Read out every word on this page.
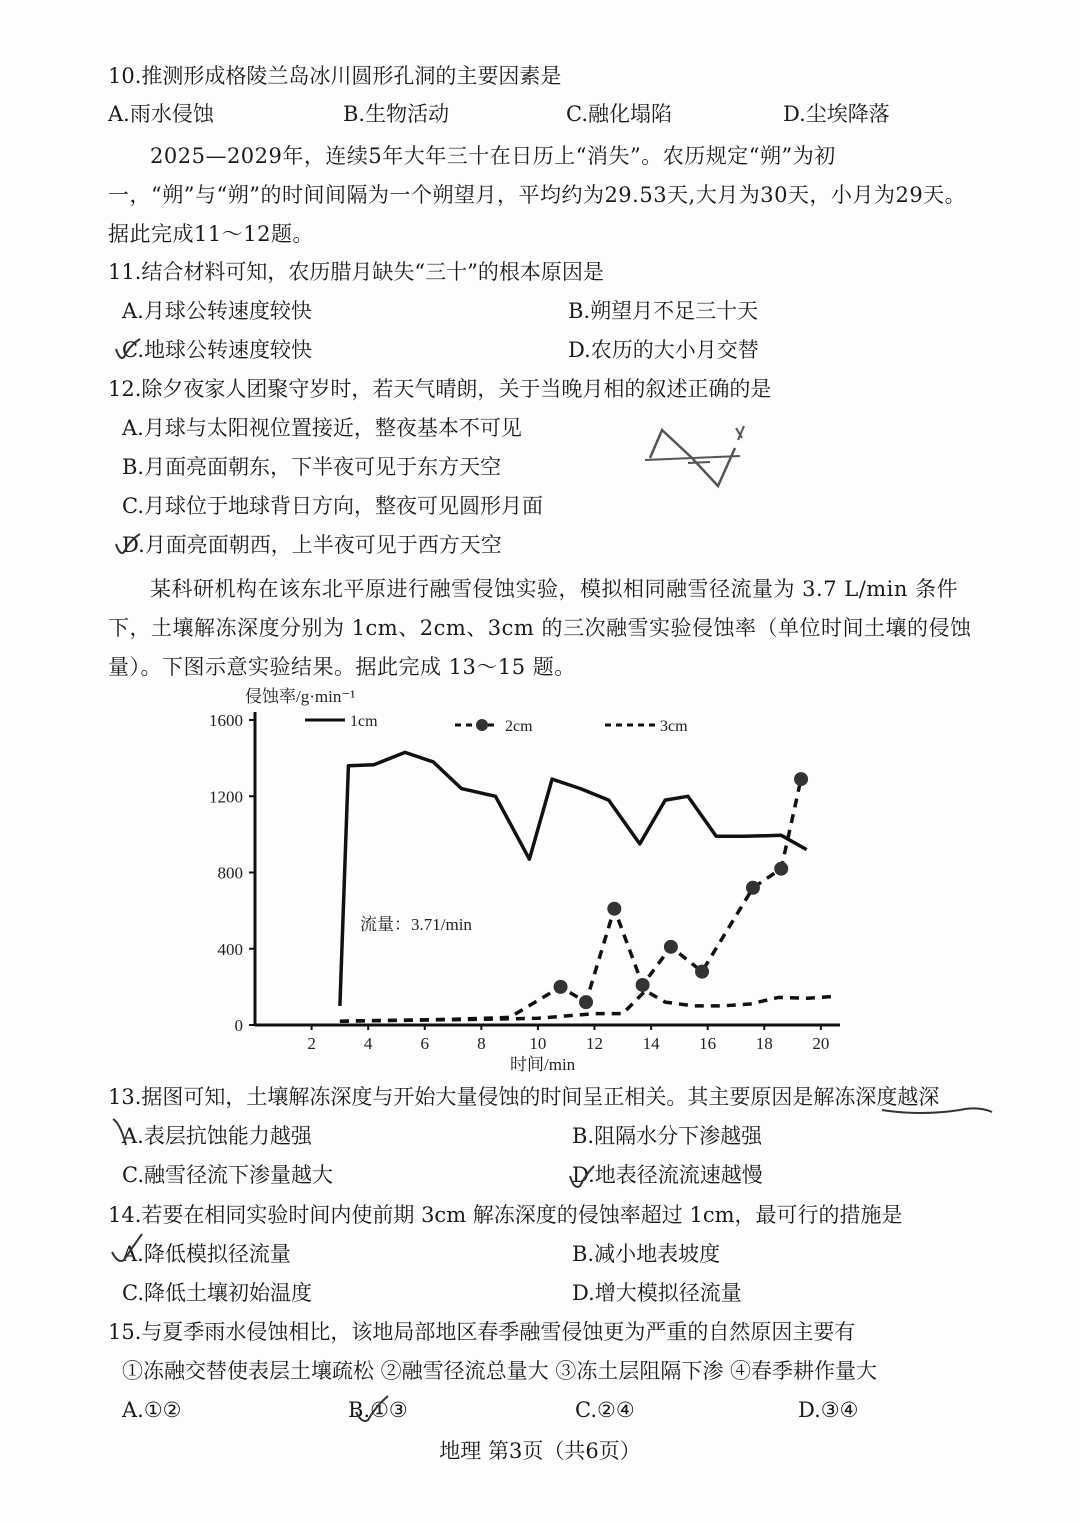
10.推测形成格陵兰岛冰川圆形孔洞的主要因素是
A.雨水侵蚀	B.生物活动	C.融化塌陷	D.尘埃降落
2025—2029年，连续5年大年三十在日历上“消失”。农历规定“朔”为初一，“朔”与“朔”的时间间隔为一个朔望月，平均约为29.53天,大月为30天，小月为29天。据此完成11～12题。
11.结合材料可知，农历腊月缺失“三十”的根本原因是
A.月球公转速度较快	B.朔望月不足三十天
C.地球公转速度较快	D.农历的大小月交替
12.除夕夜家人团聚守岁时，若天气晴朗，关于当晚月相的叙述正确的是
A.月球与太阳视位置接近，整夜基本不可见
B.月面亮面朝东，下半夜可见于东方天空
C.月球位于地球背日方向，整夜可见圆形月面
D.月面亮面朝西，上半夜可见于西方天空
某科研机构在该东北平原进行融雪侵蚀实验，模拟相同融雪径流量为 3.7 L/min 条件下，土壤解冻深度分别为 1cm、2cm、3cm 的三次融雪实验侵蚀率（单位时间土壤的侵蚀量）。下图示意实验结果。据此完成 13～15 题。
侵蚀率/g·min⁻¹
时间/min
流量：3.71/min
1cm	2cm	3cm
1600
1200
800
400
0
2	4	6	8	10 12 14 16 18 20
13.据图可知，土壤解冻深度与开始大量侵蚀的时间呈正相关。其主要原因是解冻深度越深
A.表层抗蚀能力越强	B.阻隔水分下渗越强
C.融雪径流下渗量越大	D.地表径流流速越慢
14.若要在相同实验时间内使前期 3cm 解冻深度的侵蚀率超过 1cm，最可行的措施是
A.降低模拟径流量	B.减小地表坡度
C.降低土壤初始温度	D.增大模拟径流量
15.与夏季雨水侵蚀相比，该地局部地区春季融雪侵蚀更为严重的自然原因主要有
①冻融交替使表层土壤疏松 ②融雪径流总量大 ③冻土层阻隔下渗 ④春季耕作量大
A.①②	B.①③	C.②④	D.③④
地理 第3页（共6页）
